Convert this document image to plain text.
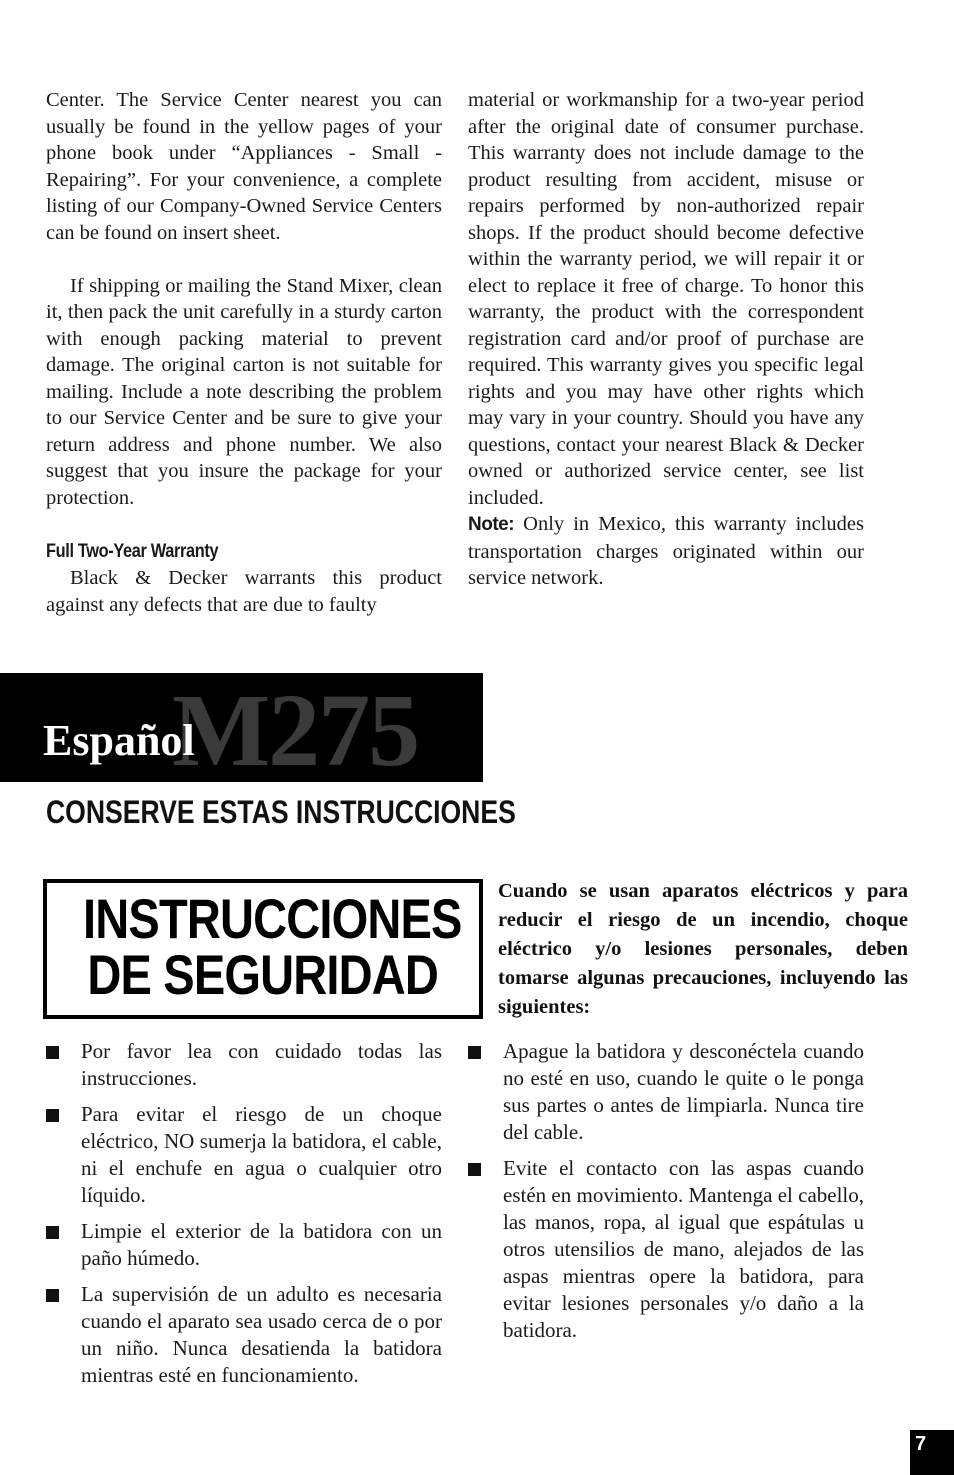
Center. The Service Center nearest you can usually be found in the yellow pages of your phone book under “Appliances - Small - Repairing”. For your convenience, a complete listing of our Company-Owned Service Centers can be found on insert sheet.

If shipping or mailing the Stand Mixer, clean it, then pack the unit carefully in a sturdy carton with enough packing material to prevent damage. The original carton is not suitable for mailing. Include a note describing the problem to our Service Center and be sure to give your return address and phone number. We also suggest that you insure the package for your protection.

Full Two-Year Warranty

Black & Decker warrants this product against any defects that are due to faulty

material or workmanship for a two-year period after the original date of consumer purchase. This warranty does not include damage to the product resulting from accident, misuse or repairs performed by non-authorized repair shops. If the product should become defective within the warranty period, we will repair it or elect to replace it free of charge. To honor this warranty, the product with the correspondent registration card and/or proof of purchase are required. This warranty gives you specific legal rights and you may have other rights which may vary in your country. Should you have any questions, contact your nearest Black & Decker owned or authorized service center, see list included.

Note: Only in Mexico, this warranty includes transportation charges originated within our service network.

M275
Español
CONSERVE ESTAS INSTRUCCIONES
INSTRUCCIONES
DE SEGURIDAD
Cuando se usan aparatos eléctricos y para reducir el riesgo de un incendio, choque eléctrico y/o lesiones personales, deben tomarse algunas precauciones, incluyendo las siguientes:
Por favor lea con cuidado todas las instrucciones.
Para evitar el riesgo de un choque eléctrico, NO sumerja la batidora, el cable, ni el enchufe en agua o cualquier otro líquido.
Limpie el exterior de la batidora con un paño húmedo.
La supervisión de un adulto es necesaria cuando el aparato sea usado cerca de o por un niño. Nunca desatienda la batidora mientras esté en funcionamiento.
Apague la batidora y desconéctela cuando no esté en uso, cuando le quite o le ponga sus partes o antes de limpiarla. Nunca tire del cable.
Evite el contacto con las aspas cuando estén en movimiento. Mantenga el cabello, las manos, ropa, al igual que espátulas u otros utensilios de mano, alejados de las aspas mientras opere la batidora, para evitar lesiones personales y/o daño a la batidora.
7
